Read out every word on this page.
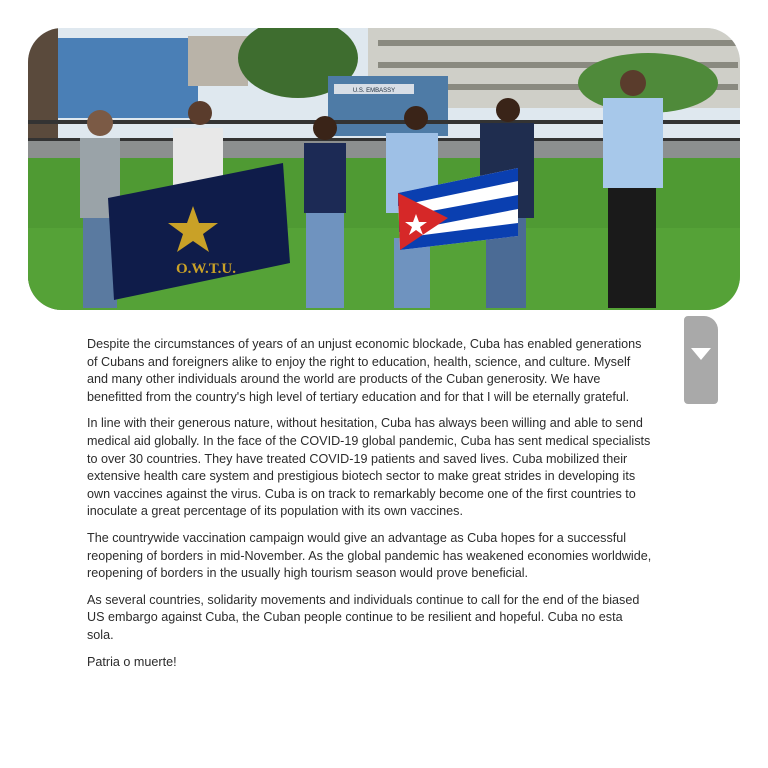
U.S. EMBASSY
O.W.T.U.

Despite the circumstances of years of an unjust economic blockade, Cuba has enabled generations of Cubans and foreigners alike to enjoy the right to education, health, science, and culture. Myself and many other individuals around the world are products of the Cuban generosity. We have benefitted from the country's high level of tertiary education and for that I will be eternally grateful.

In line with their generous nature, without hesitation, Cuba has always been willing and able to send medical aid globally. In the face of the COVID-19 global pandemic, Cuba has sent medical specialists to over 30 countries. They have treated COVID-19 patients and saved lives. Cuba mobilized their extensive health care system and prestigious biotech sector to make great strides in developing its own vaccines against the virus. Cuba is on track to remarkably become one of the first countries to inoculate a great percentage of its population with its own vaccines.

The countrywide vaccination campaign would give an advantage as Cuba hopes for a successful reopening of borders in mid-November. As the global pandemic has weakened economies worldwide, reopening of borders in the usually high tourism season would prove beneficial.

As several countries, solidarity movements and individuals continue to call for the end of the biased US embargo against Cuba, the Cuban people continue to be resilient and hopeful. Cuba no esta sola.

Patria o muerte!
